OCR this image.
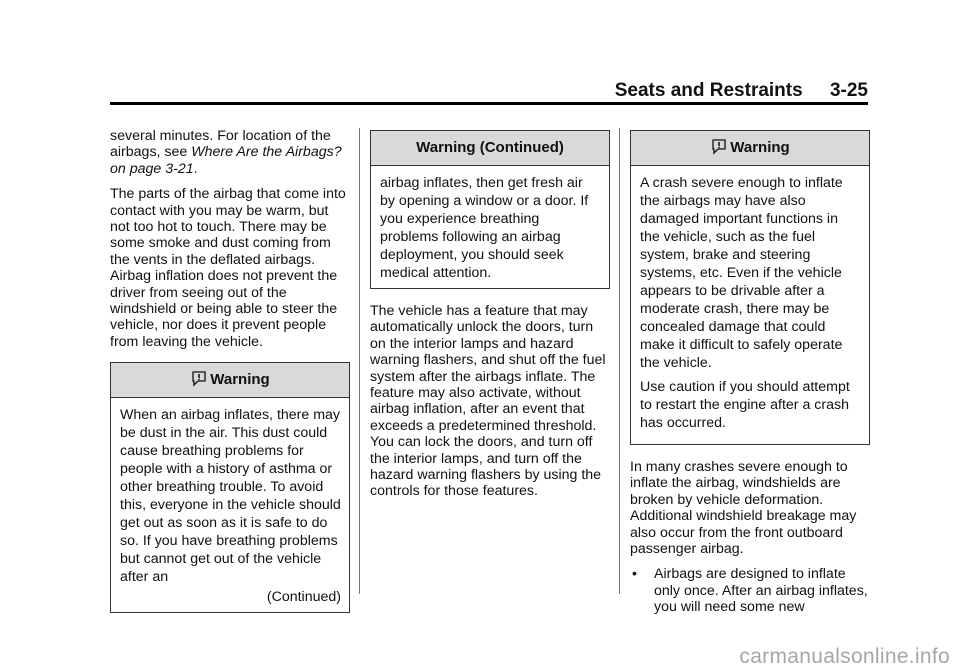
Seats and Restraints 3-25

several minutes. For location of the airbags, see Where Are the Airbags? on page 3-21.

The parts of the airbag that come into contact with you may be warm, but not too hot to touch. There may be some smoke and dust coming from the vents in the deflated airbags. Airbag inflation does not prevent the driver from seeing out of the windshield or being able to steer the vehicle, nor does it prevent people from leaving the vehicle.

Warning
When an airbag inflates, there may be dust in the air. This dust could cause breathing problems for people with a history of asthma or other breathing trouble. To avoid this, everyone in the vehicle should get out as soon as it is safe to do so. If you have breathing problems but cannot get out of the vehicle after an
(Continued)
Warning (Continued)
airbag inflates, then get fresh air by opening a window or a door. If you experience breathing problems following an airbag deployment, you should seek medical attention.

The vehicle has a feature that may automatically unlock the doors, turn on the interior lamps and hazard warning flashers, and shut off the fuel system after the airbags inflate. The feature may also activate, without airbag inflation, after an event that exceeds a predetermined threshold. You can lock the doors, and turn off the interior lamps, and turn off the hazard warning flashers by using the controls for those features.

Warning

A crash severe enough to inflate the airbags may have also damaged important functions in the vehicle, such as the fuel system, brake and steering systems, etc. Even if the vehicle appears to be drivable after a moderate crash, there may be concealed damage that could make it difficult to safely operate the vehicle.

Use caution if you should attempt to restart the engine after a crash has occurred.

In many crashes severe enough to inflate the airbag, windshields are broken by vehicle deformation. Additional windshield breakage may also occur from the front outboard passenger airbag.

• Airbags are designed to inflate only once. After an airbag inflates, you will need some new
carmanualsonline.info
